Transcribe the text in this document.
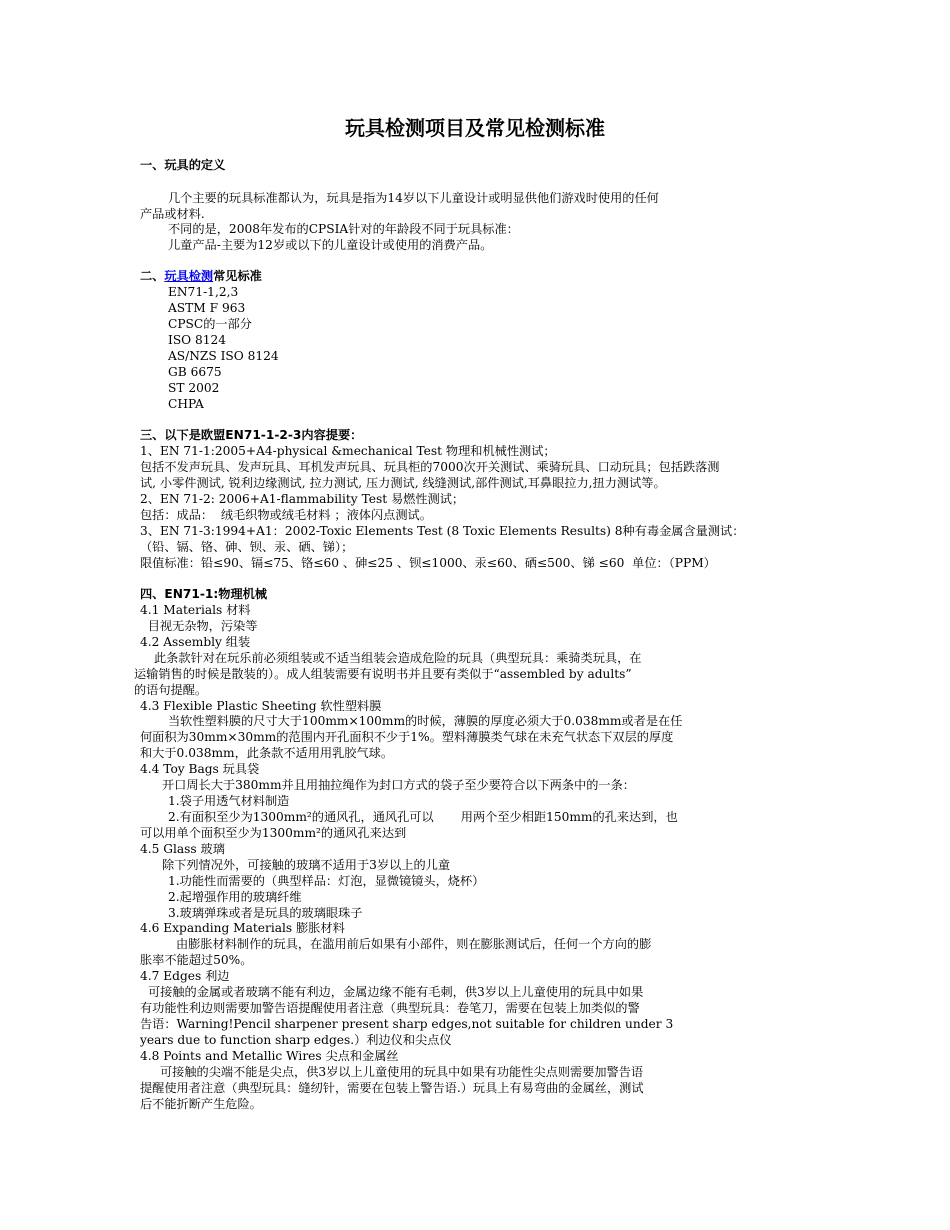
玩具检测项目及常见检测标准
一、玩具的定义
几个主要的玩具标准都认为，玩具是指为14岁以下儿童设计或明显供他们游戏时使用的任何
产品或材料.
不同的是，2008年发布的CPSIA针对的年龄段不同于玩具标准：
儿童产品-主要为12岁或以下的儿童设计或使用的消费产品。
二、玩具检测常见标准
EN71-1,2,3
ASTM F 963
CPSC的一部分
ISO 8124
AS/NZS ISO 8124
GB 6675
ST 2002
CHPA
三、以下是欧盟EN71-1-2-3内容提要：
1、EN 71-1:2005+A4-physical &mechanical Test 物理和机械性测试；
包括不发声玩具、发声玩具、耳机发声玩具、玩具柜的7000次开关测试、乘骑玩具、口动玩具；包括跌落测
试, 小零件测试, 锐利边缘测试, 拉力测试, 压力测试, 线缝测试,部件测试,耳鼻眼拉力,扭力测试等。
2、EN 71-2: 2006+A1-flammability Test 易燃性测试；
包括：成品：  绒毛织物或绒毛材料 ；液体闪点测试。
3、EN 71-3:1994+A1：2002-Toxic Elements Test (8 Toxic Elements Results) 8种有毒金属含量测试：
（铅、镉、铬、砷、钡、汞、硒、锑）；
限值标准：铅≤90、镉≤75、铬≤60 、砷≤25 、钡≤1000、汞≤60、硒≤500、锑 ≤60  单位：（PPM）
四、EN71-1:物理机械
4.1 Materials 材料
目视无杂物，污染等
4.2 Assembly 组装
此条款针对在玩乐前必须组装或不适当组装会造成危险的玩具（典型玩具：乘骑类玩具，在
运输销售的时候是散装的）。成人组装需要有说明书并且要有类似于“assembled by adults”
的语句提醒。
4.3 Flexible Plastic Sheeting 软性塑料膜
当软性塑料膜的尺寸大于100mm×100mm的时候，薄膜的厚度必须大于0.038mm或者是在任
何面积为30mm×30mm的范围内开孔面积不少于1%。塑料薄膜类气球在未充气状态下双层的厚度
和大于0.038mm，此条款不适用用乳胶气球。
4.4 Toy Bags 玩具袋
开口周长大于380mm并且用抽拉绳作为封口方式的袋子至少要符合以下两条中的一条：
1.袋子用透气材料制造
2.有面积至少为1300mm²的通风孔，通风孔可以       用两个至少相距150mm的孔来达到，也
可以用单个面积至少为1300mm²的通风孔来达到
4.5 Glass 玻璃
除下列情况外，可接触的玻璃不适用于3岁以上的儿童
1.功能性而需要的（典型样品：灯泡，显微镜镜头，烧杯）
2.起增强作用的玻璃纤维
3.玻璃弹珠或者是玩具的玻璃眼珠子
4.6 Expanding Materials 膨胀材料
由膨胀材料制作的玩具，在滥用前后如果有小部件，则在膨胀测试后，任何一个方向的膨
胀率不能超过50%。
4.7 Edges 利边
可接触的金属或者玻璃不能有利边，金属边缘不能有毛刺，供3岁以上儿童使用的玩具中如果
有功能性利边则需要加警告语提醒使用者注意（典型玩具：卷笔刀，需要在包装上加类似的警
告语：Warning!Pencil sharpener present sharp edges,not suitable for children under 3
years due to function sharp edges.）利边仪和尖点仪
4.8 Points and Metallic Wires 尖点和金属丝
可接触的尖端不能是尖点，供3岁以上儿童使用的玩具中如果有功能性尖点则需要加警告语
提醒使用者注意（典型玩具：缝纫针，需要在包装上警告语.）玩具上有易弯曲的金属丝，测试
后不能折断产生危险。
